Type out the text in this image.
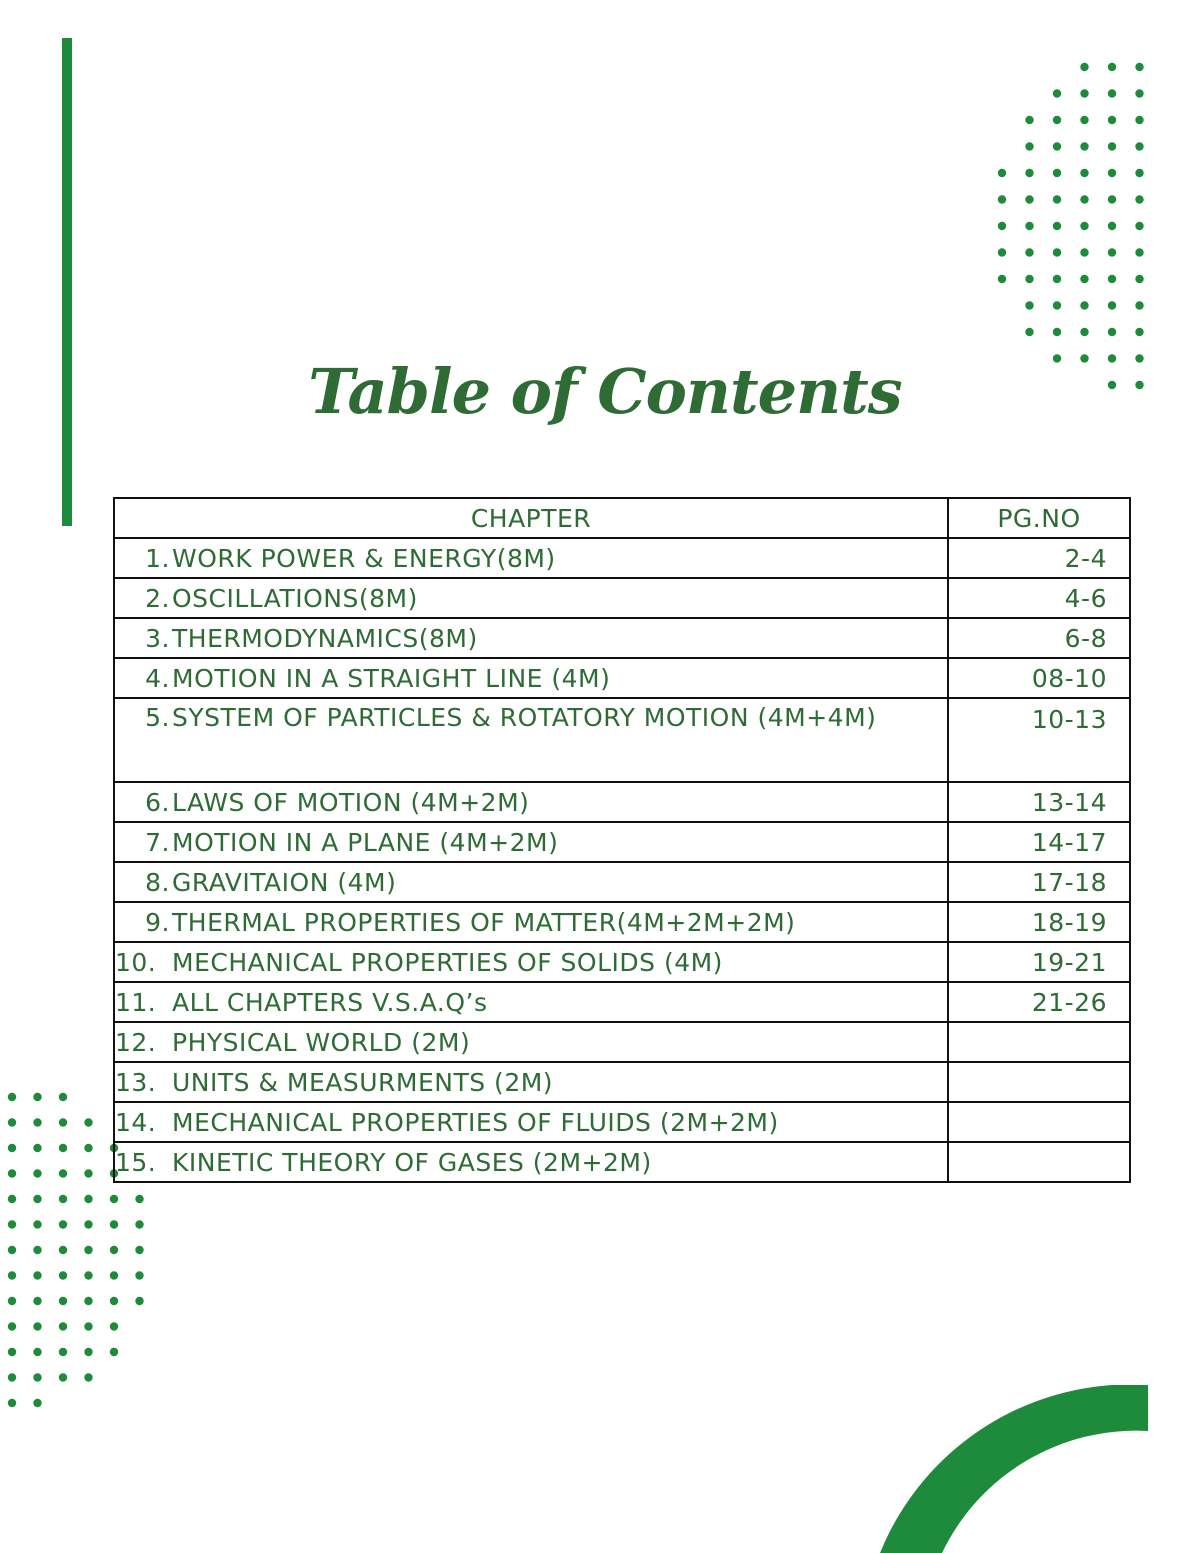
Table of Contents
CHAPTER	PG.NO
1.WORK POWER & ENERGY(8M)	2-4
2.OSCILLATIONS(8M)	4-6
3.THERMODYNAMICS(8M)	6-8
4.MOTION IN A STRAIGHT LINE (4M)	08-10
5.SYSTEM OF PARTICLES & ROTATORY MOTION (4M+4M)	10-13
6.LAWS OF MOTION (4M+2M)	13-14
7.MOTION IN A PLANE (4M+2M)	14-17
8.GRAVITAION (4M)	17-18
9.THERMAL PROPERTIES OF MATTER(4M+2M+2M)	18-19
10. MECHANICAL PROPERTIES OF SOLIDS (4M)	19-21
11. ALL CHAPTERS V.S.A.Q’s	21-26
12. PHYSICAL WORLD (2M)	
13. UNITS & MEASURMENTS (2M)	
14. MECHANICAL PROPERTIES OF FLUIDS (2M+2M)	
15. KINETIC THEORY OF GASES (2M+2M)	
